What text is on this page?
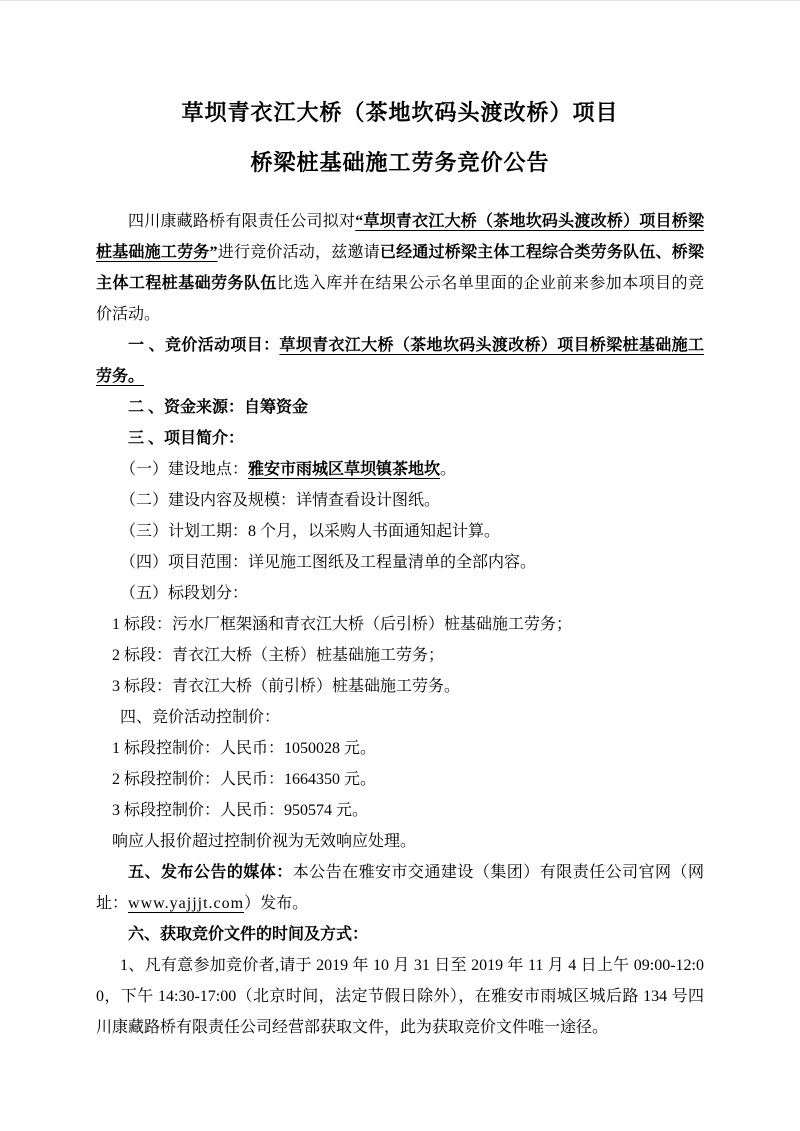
草坝青衣江大桥（茶地坎码头渡改桥）项目
桥梁桩基础施工劳务竞价公告

四川康藏路桥有限责任公司拟对“草坝青衣江大桥（茶地坎码头渡改桥）项目桥梁桩基础施工劳务”进行竞价活动，兹邀请已经通过桥梁主体工程综合类劳务队伍、桥梁主体工程桩基础劳务队伍比选入库并在结果公示名单里面的企业前来参加本项目的竞价活动。

一 、竞价活动项目：草坝青衣江大桥（茶地坎码头渡改桥）项目桥梁桩基础施工劳务。

二 、资金来源：自筹资金

三 、项目简介：

（一）建设地点：雅安市雨城区草坝镇茶地坎。

（二）建设内容及规模：详情查看设计图纸。

（三）计划工期：8 个月，以采购人书面通知起计算。

（四）项目范围：详见施工图纸及工程量清单的全部内容。

（五）标段划分：

1 标段：污水厂框架涵和青衣江大桥（后引桥）桩基础施工劳务；

2 标段：青衣江大桥（主桥）桩基础施工劳务；

3 标段：青衣江大桥（前引桥）桩基础施工劳务。

四、竞价活动控制价：

1 标段控制价：人民币：1050028 元。

2 标段控制价：人民币：1664350 元。

3 标段控制价：人民币：950574 元。

响应人报价超过控制价视为无效响应处理。

五、发布公告的媒体：本公告在雅安市交通建设（集团）有限责任公司官网（网址：www.yajjjt.com）发布。

六、获取竞价文件的时间及方式：

1、凡有意参加竞价者,请于 2019 年 10 月 31 日至 2019 年 11 月 4 日上午 09:00-12:00，下午 14:30-17:00（北京时间，法定节假日除外），在雅安市雨城区城后路 134 号四川康藏路桥有限责任公司经营部获取文件，此为获取竞价文件唯一途径。
